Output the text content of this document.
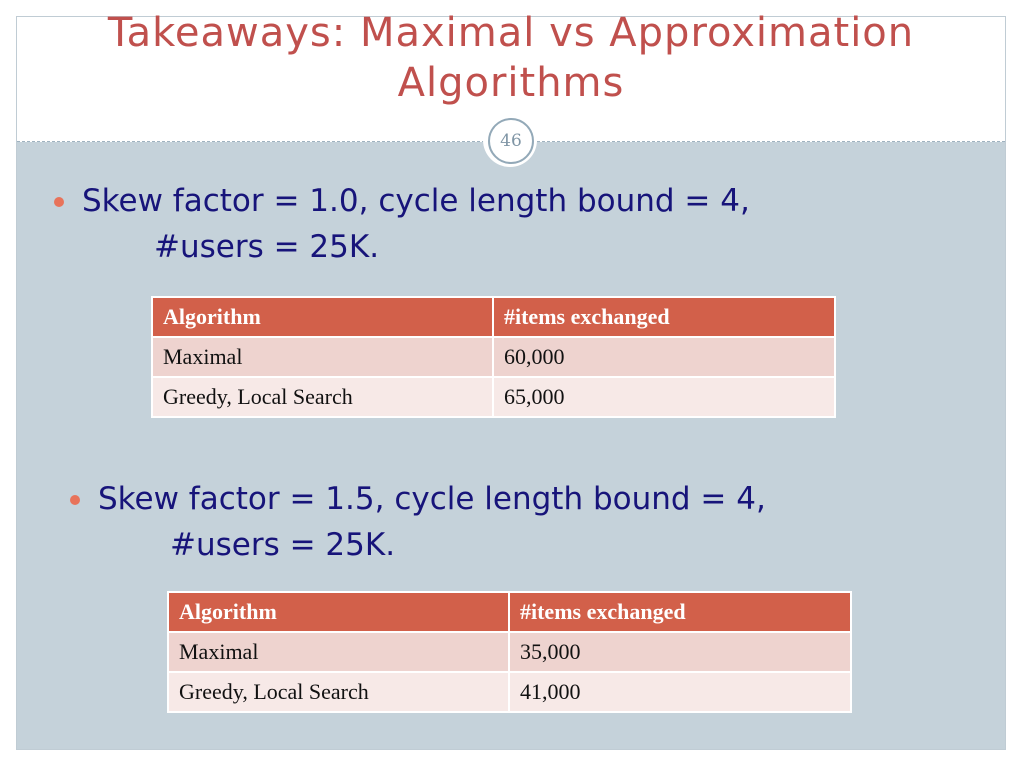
Takeaways: Maximal vs Approximation Algorithms
46
Skew factor = 1.0, cycle length bound = 4,
#users = 25K.
Algorithm	#items exchanged
Maximal	60,000
Greedy, Local Search	65,000
Skew factor = 1.5, cycle length bound = 4,
#users = 25K.
Algorithm	#items exchanged
Maximal	35,000
Greedy, Local Search	41,000
